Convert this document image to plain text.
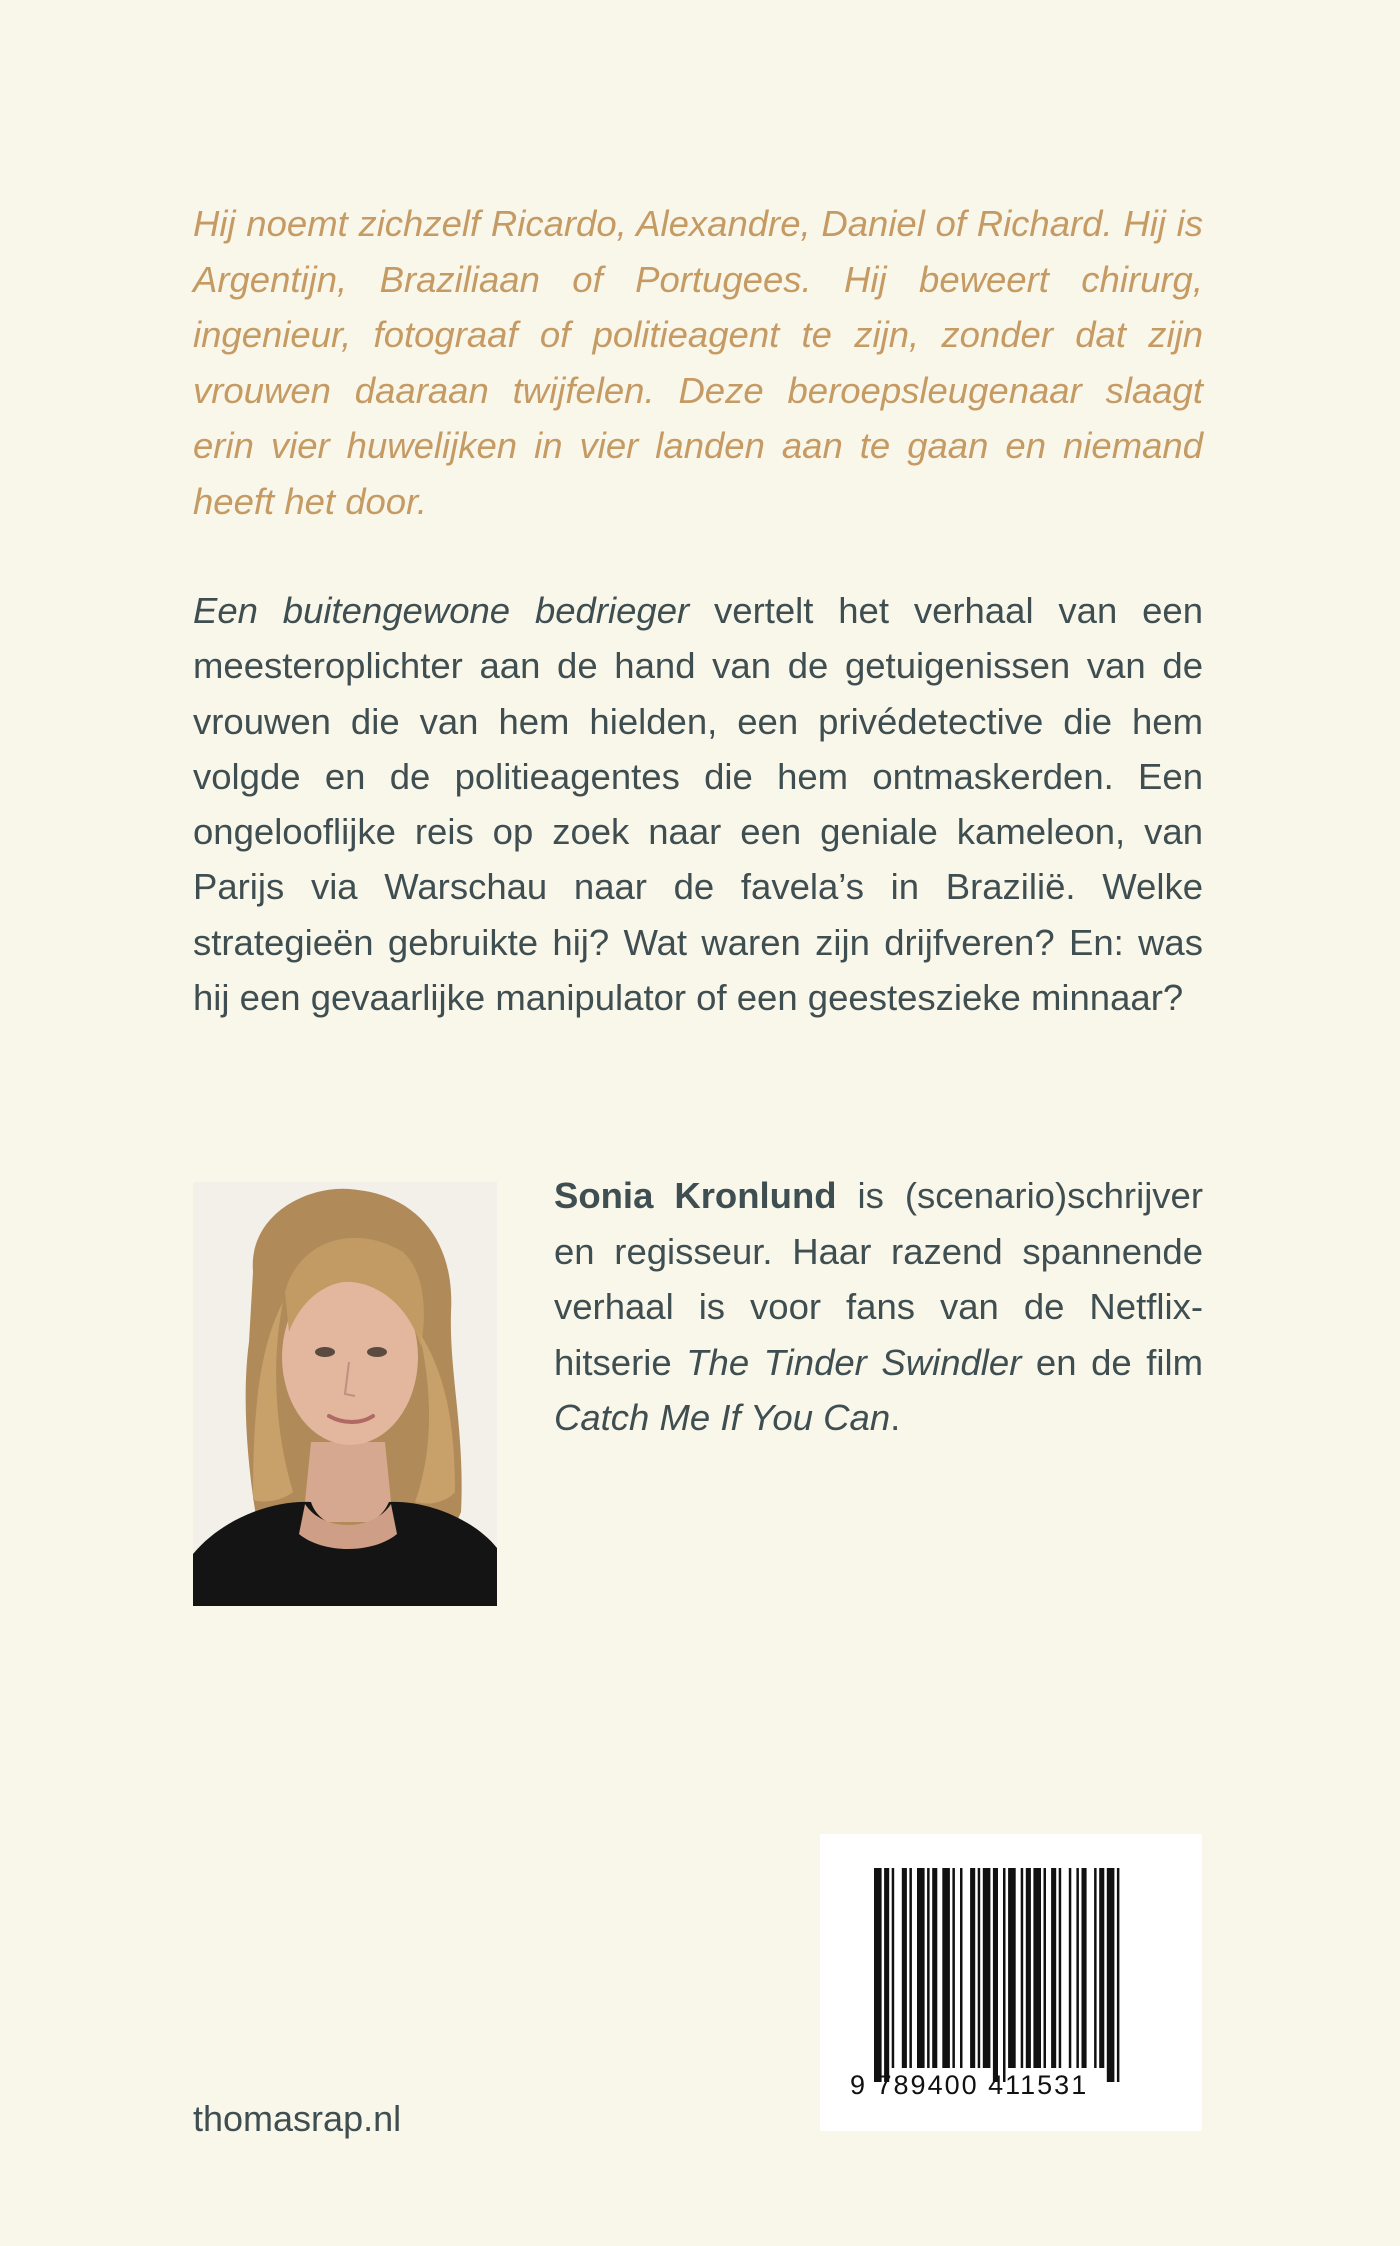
Hij noemt zichzelf Ricardo, Alexandre, Daniel of Richard. Hij is Argentijn, Braziliaan of Portugees. Hij beweert chirurg, ingenieur, fotograaf of politieagent te zijn, zonder dat zijn vrouwen daaraan twijfelen. Deze beroepsleugenaar slaagt erin vier huwelijken in vier landen aan te gaan en niemand heeft het door.

Een buitengewone bedrieger vertelt het verhaal van een meesteroplichter aan de hand van de getuigenissen van de vrouwen die van hem hielden, een privédetective die hem volgde en de politieagentes die hem ontmaskerden. Een ongelooflijke reis op zoek naar een geniale kameleon, van Parijs via Warschau naar de favela’s in Brazilië. Welke strategieën gebruikte hij? Wat waren zijn drijfveren? En: was hij een gevaarlijke manipulator of een geesteszieke minnaar?

Sonia Kronlund is (scenario)schrijver en regisseur. Haar razend spannende verhaal is voor fans van de Netflix-hitserie The Tinder Swindler en de film Catch Me If You Can.

9 789400 411531
thomasrap.nl
